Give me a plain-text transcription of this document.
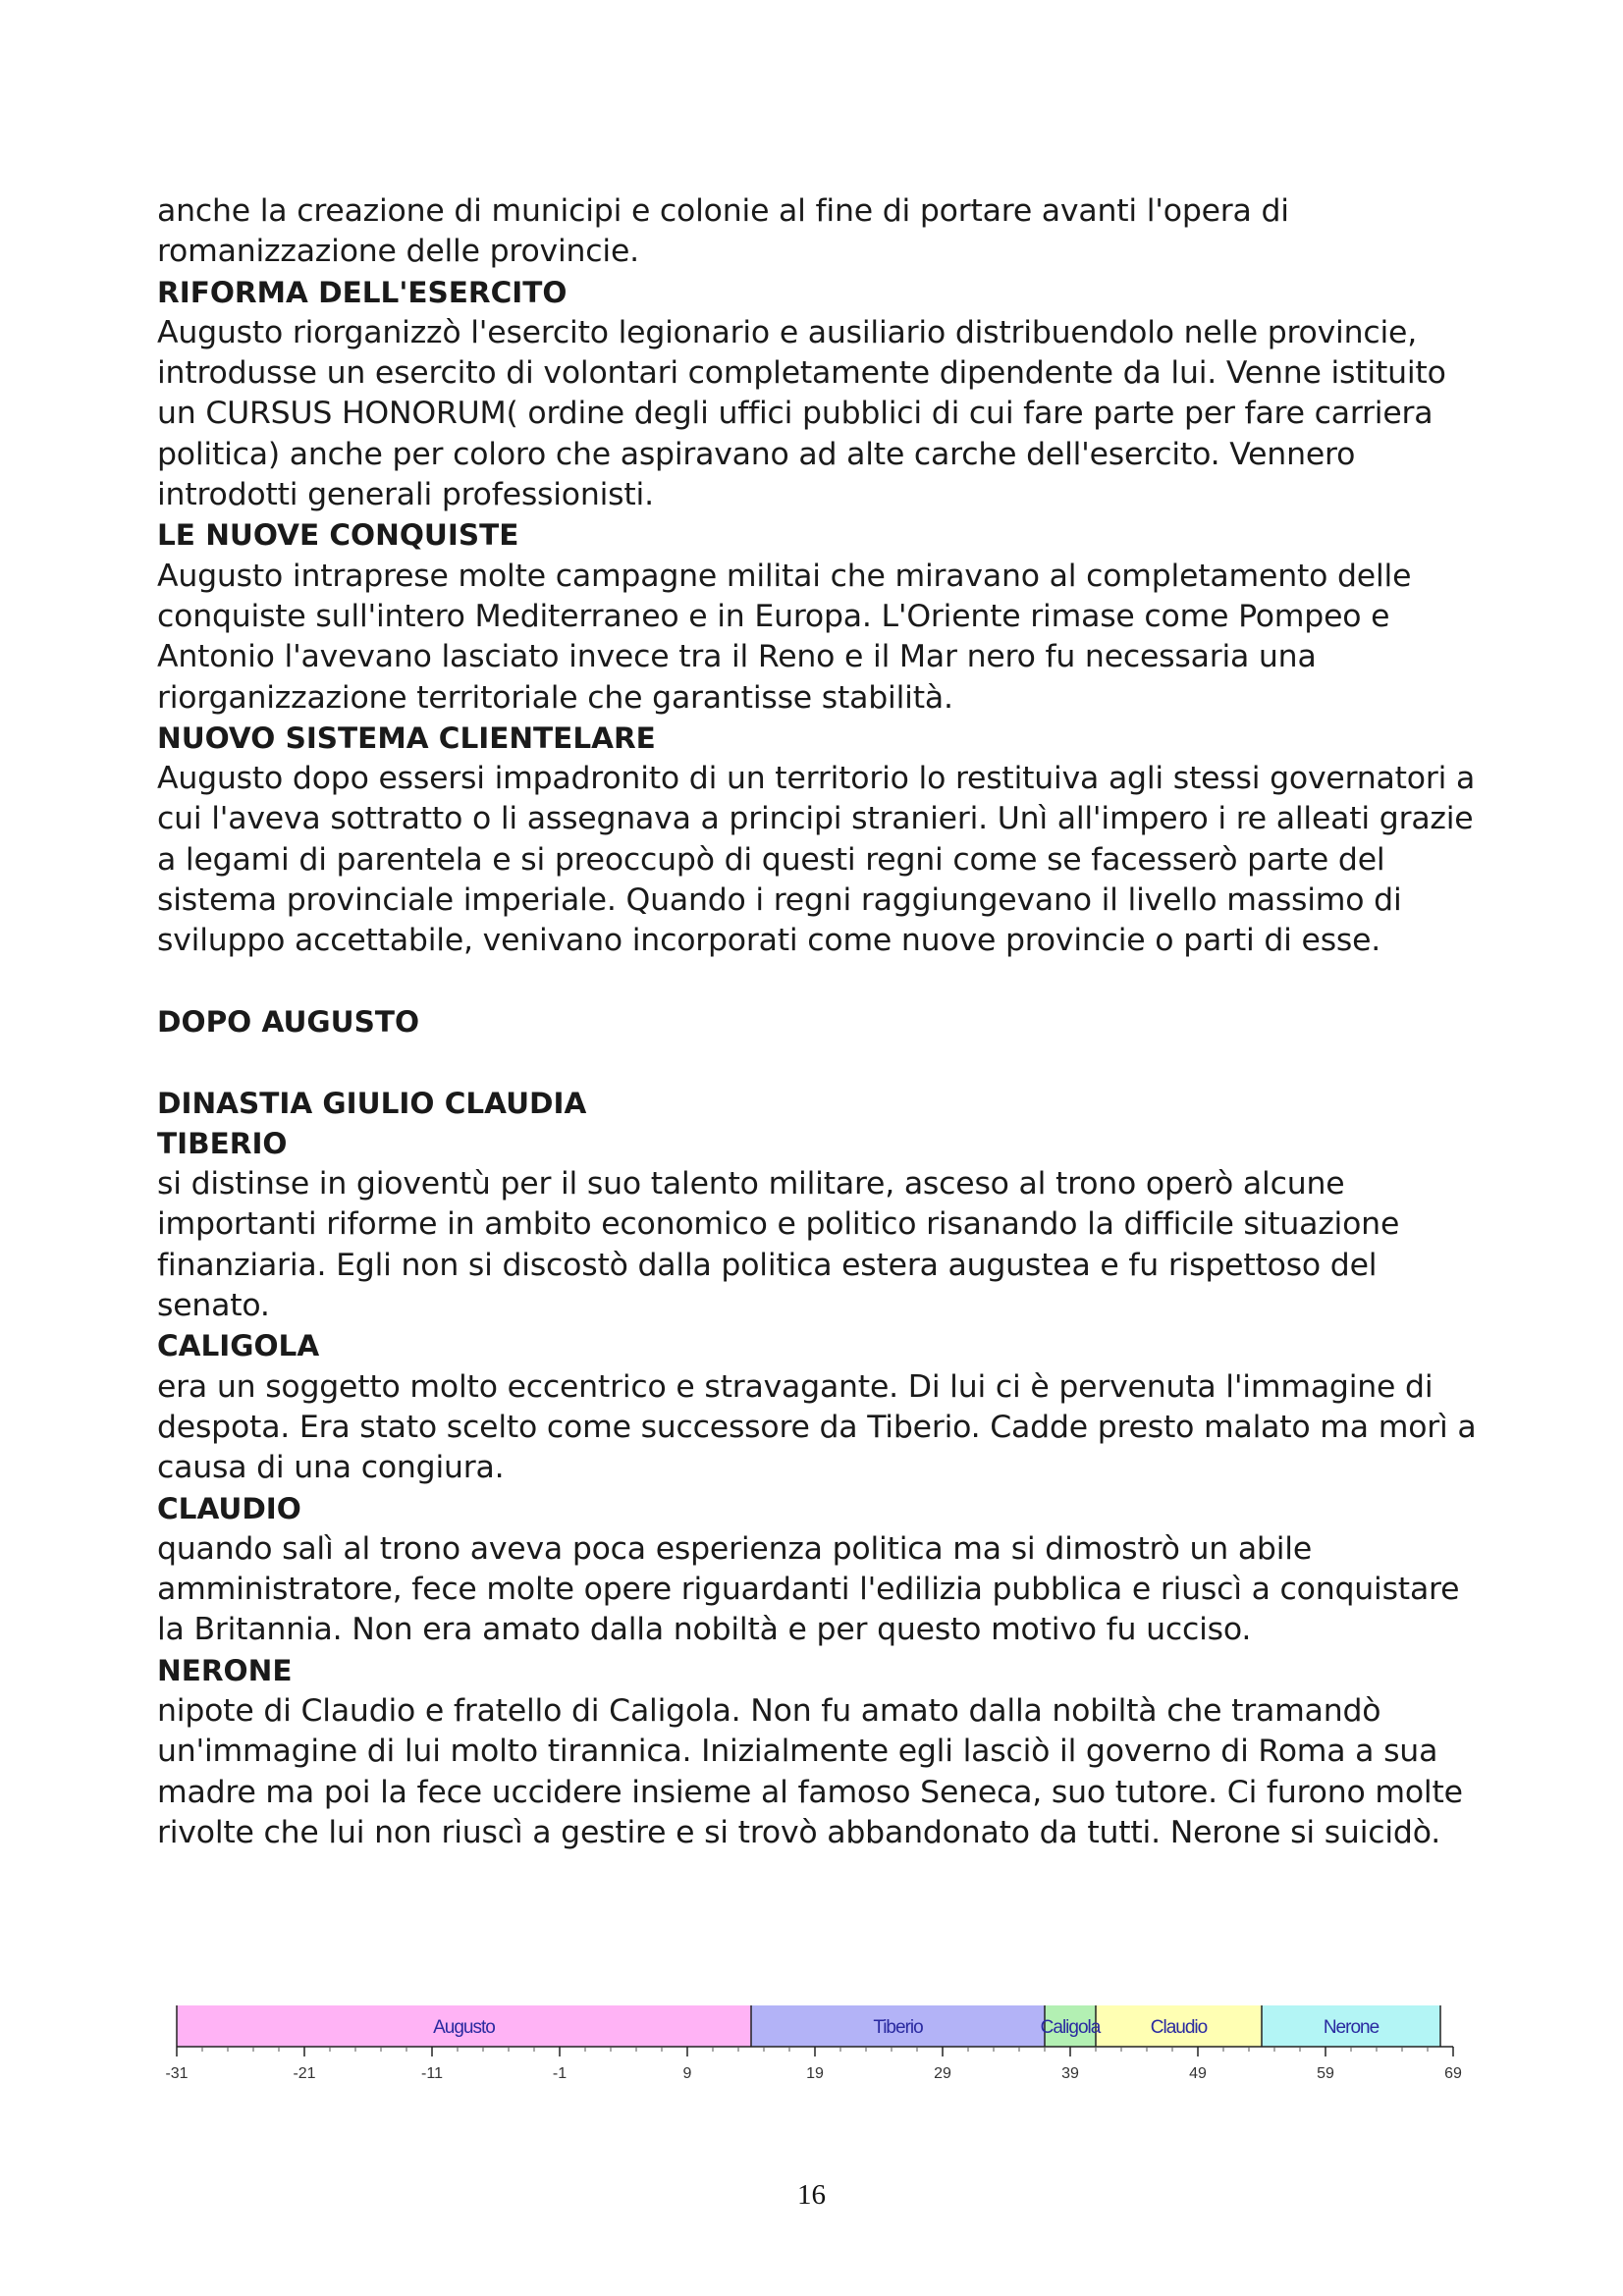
anche la creazione di municipi e colonie al fine di portare avanti l'opera di romanizzazione delle provincie.

RIFORMA DELL'ESERCITO

Augusto riorganizzò l'esercito legionario e ausiliario distribuendolo nelle provincie, introdusse un esercito di volontari completamente dipendente da lui. Venne istituito un CURSUS HONORUM( ordine degli uffici pubblici di cui fare parte per fare carriera politica) anche per coloro che aspiravano ad alte carche dell'esercito. Vennero introdotti generali professionisti.

LE NUOVE CONQUISTE

Augusto intraprese molte campagne militai che miravano al completamento delle conquiste sull'intero Mediterraneo e in Europa. L'Oriente rimase come Pompeo e Antonio l'avevano lasciato invece tra il Reno e il Mar nero fu necessaria una riorganizzazione territoriale che garantisse stabilità.

NUOVO SISTEMA CLIENTELARE

Augusto dopo essersi impadronito di un territorio lo restituiva agli stessi governatori a cui l'aveva sottratto o li assegnava a principi stranieri. Unì all'impero i re alleati grazie a legami di parentela e si preoccupò di questi regni come se facesserò parte del sistema provinciale imperiale. Quando i regni raggiungevano il livello massimo di sviluppo accettabile, venivano incorporati come nuove provincie o parti di esse.

DOPO AUGUSTO
DINASTIA GIULIO CLAUDIA
TIBERIO

si distinse in gioventù per il suo talento militare, asceso al trono operò alcune importanti riforme in ambito economico e politico risanando la difficile situazione finanziaria. Egli non si discostò dalla politica estera augustea e fu rispettoso del senato.

CALIGOLA

era un soggetto molto eccentrico e stravagante. Di lui ci è pervenuta l'immagine di despota. Era stato scelto come successore da Tiberio. Cadde presto malato ma morì a causa di una congiura.

CLAUDIO

quando salì al trono aveva poca esperienza politica ma si dimostrò un abile amministratore, fece molte opere riguardanti l'edilizia pubblica e riuscì a conquistare la Britannia. Non era amato dalla nobiltà e per questo motivo fu ucciso.

NERONE

nipote di Claudio e fratello di Caligola. Non fu amato dalla nobiltà che tramandò un'immagine di lui molto tirannica. Inizialmente egli lasciò il governo di Roma a sua madre ma poi la fece uccidere insieme al famoso Seneca, suo tutore. Ci furono molte rivolte che lui non riuscì a gestire e si trovò abbandonato da tutti. Nerone si suicidò.

Augusto	Tiberio	Caligola	Claudio	Nerone
-31	-21	-11	-1	9	19	29	39	49	59	69
16
